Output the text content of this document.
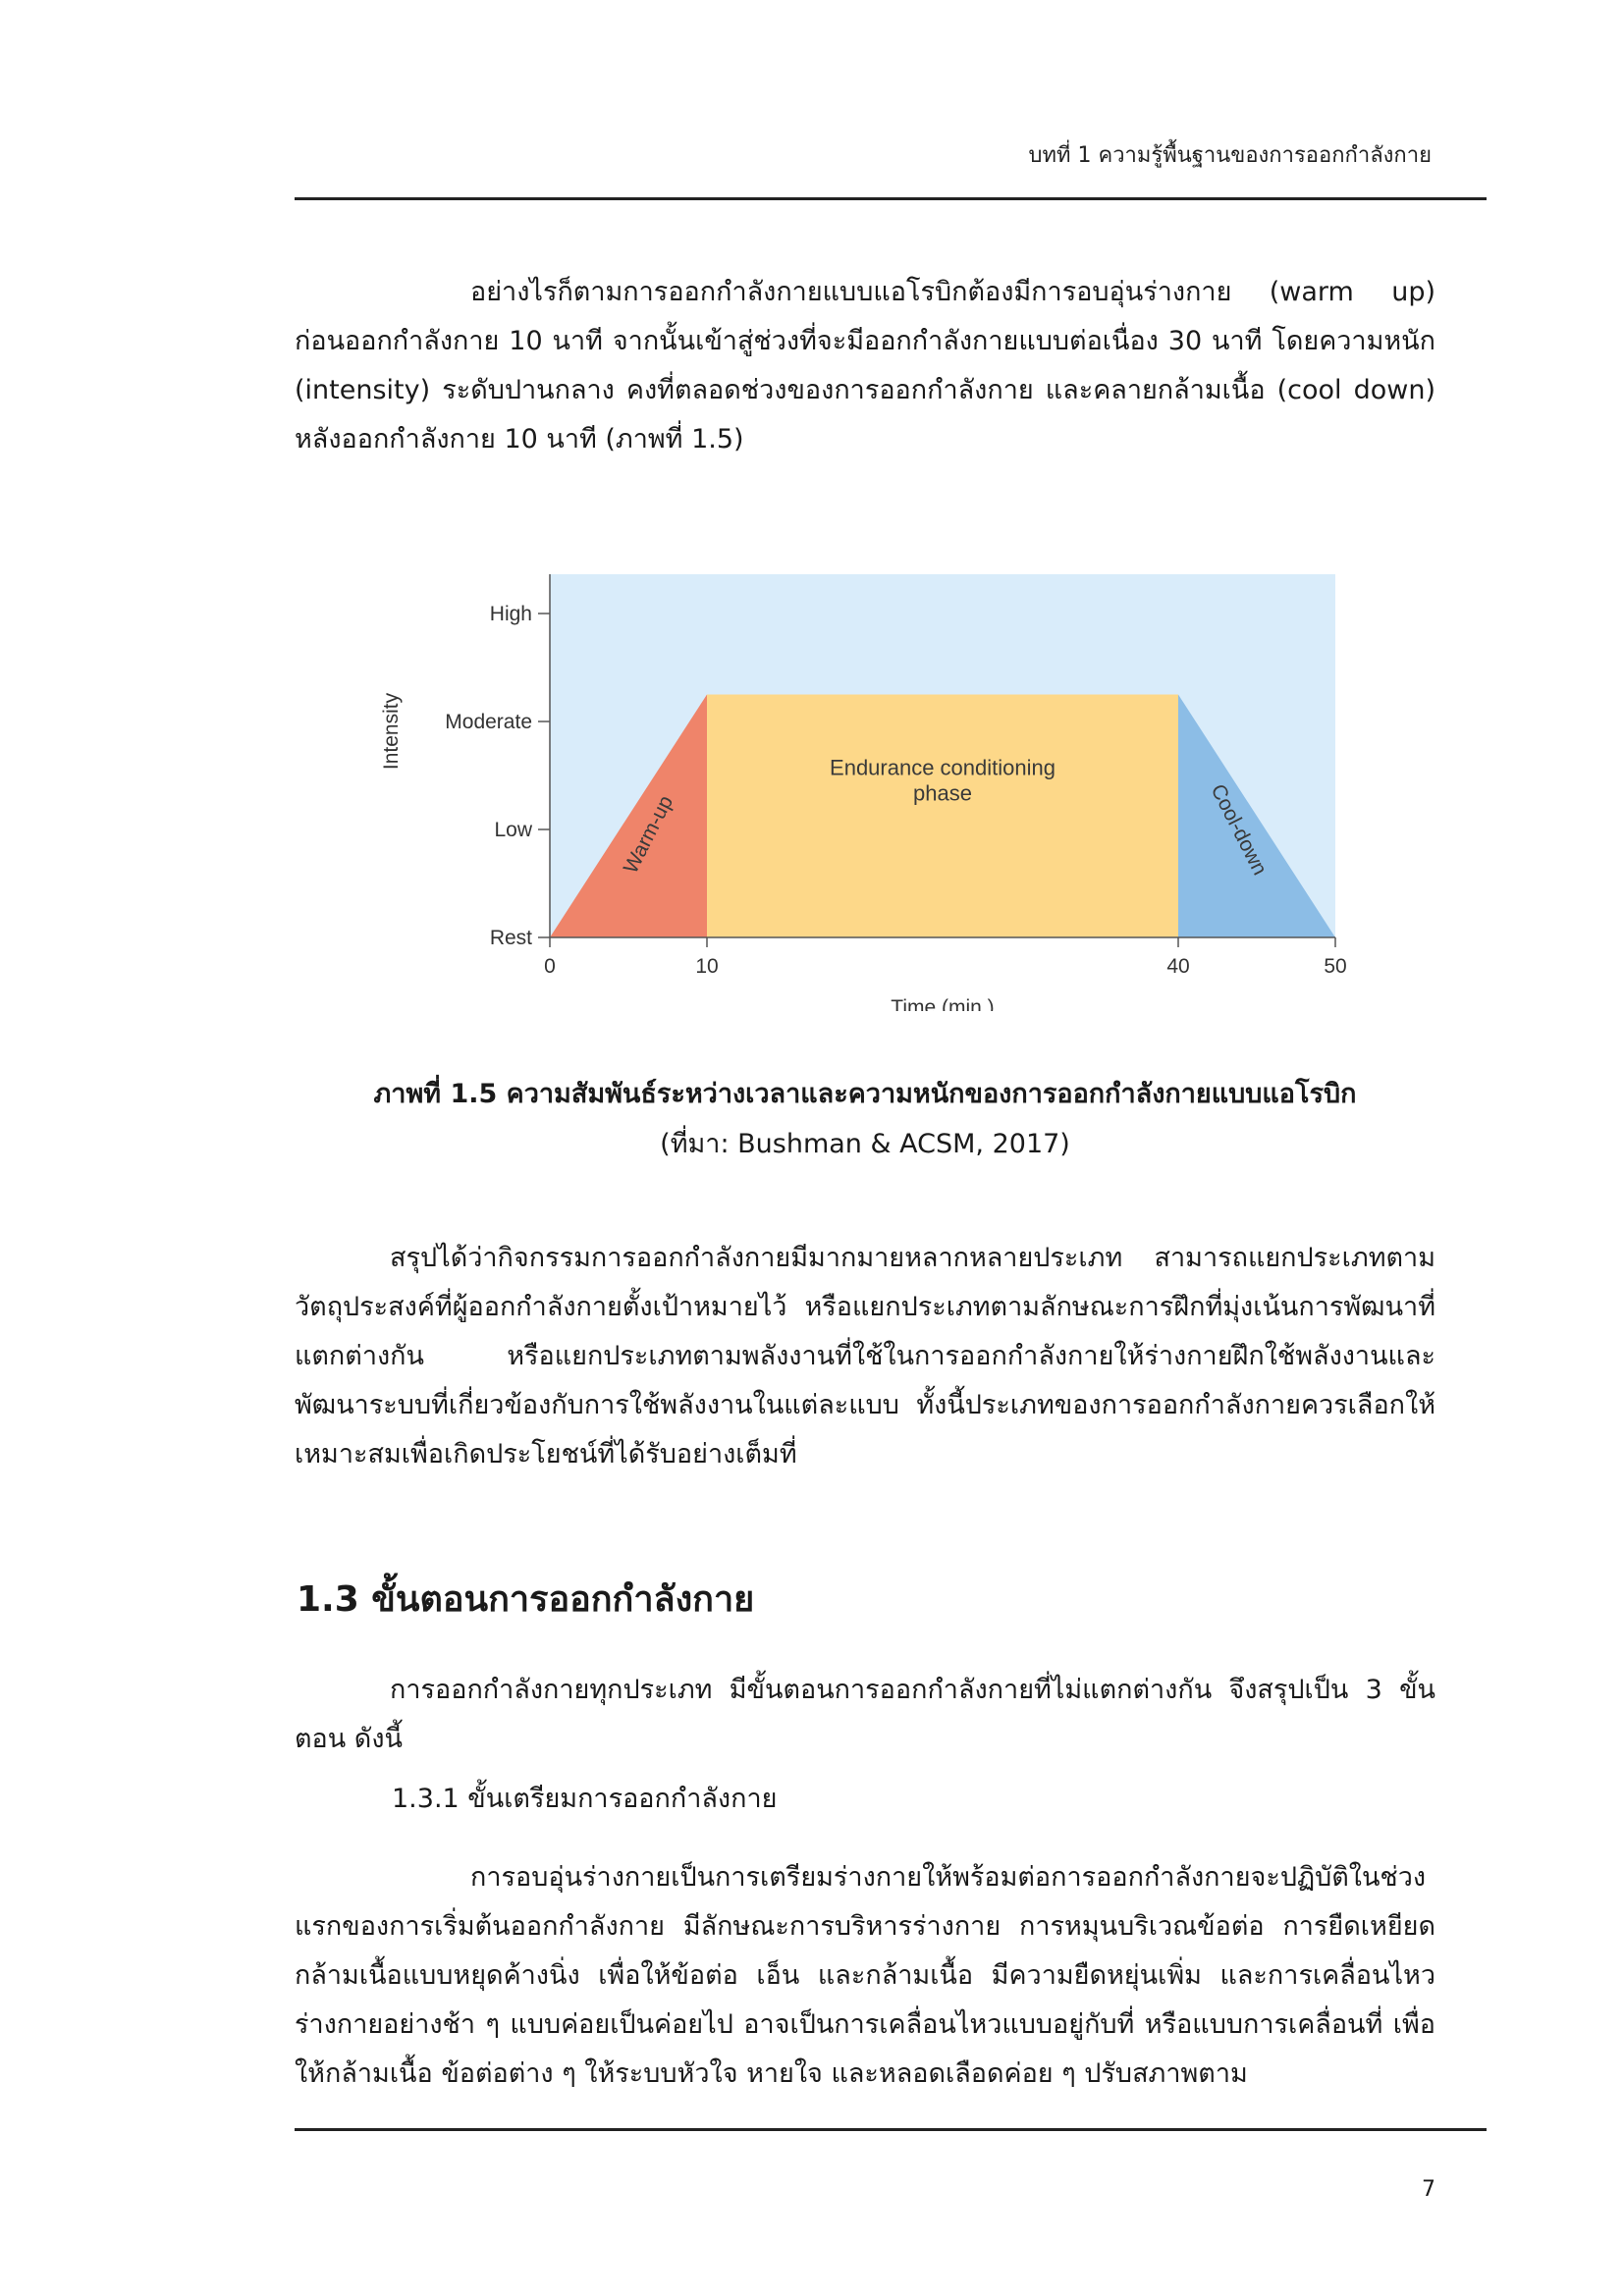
บทที่ 1 ความรู้พื้นฐานของการออกกำลังกาย

อย่างไรก็ตามการออกกำลังกายแบบแอโรบิกต้องมีการอบอุ่นร่างกาย (warm up) ก่อนออกกำลังกาย 10 นาที จากนั้นเข้าสู่ช่วงที่จะมีออกกำลังกายแบบต่อเนื่อง 30 นาที โดยความหนัก (intensity) ระดับปานกลาง คงที่ตลอดช่วงของการออกกำลังกาย และคลายกล้ามเนื้อ (cool down) หลังออกกำลังกาย 10 นาที (ภาพที่ 1.5)

0	10	40	50
Rest
Low
Moderate
High
Warm-up
Endurance conditioning
phase	Cool-down
Time (min.)
Intensity

ภาพที่ 1.5 ความสัมพันธ์ระหว่างเวลาและความหนักของการออกกำลังกายแบบแอโรบิก

(ที่มา: Bushman & ACSM, 2017)

สรุปได้ว่ากิจกรรมการออกกำลังกายมีมากมายหลากหลายประเภท สามารถแยกประเภทตามวัตถุประสงค์ที่ผู้ออกกำลังกายตั้งเป้าหมายไว้ หรือแยกประเภทตามลักษณะการฝึกที่มุ่งเน้นการพัฒนาที่แตกต่างกัน หรือแยกประเภทตามพลังงานที่ใช้ในการออกกำลังกายให้ร่างกายฝึกใช้พลังงานและพัฒนาระบบที่เกี่ยวข้องกับการใช้พลังงานในแต่ละแบบ ทั้งนี้ประเภทของการออกกำลังกายควรเลือกให้เหมาะสมเพื่อเกิดประโยชน์ที่ได้รับอย่างเต็มที่

1.3 ขั้นตอนการออกกำลังกาย

การออกกำลังกายทุกประเภท มีขั้นตอนการออกกำลังกายที่ไม่แตกต่างกัน จึงสรุปเป็น 3 ขั้นตอน ดังนี้

1.3.1 ขั้นเตรียมการออกกำลังกาย

การอบอุ่นร่างกายเป็นการเตรียมร่างกายให้พร้อมต่อการออกกำลังกายจะปฏิบัติในช่วงแรกของการเริ่มต้นออกกำลังกาย มีลักษณะการบริหารร่างกาย การหมุนบริเวณข้อต่อ การยืดเหยียดกล้ามเนื้อแบบหยุดค้างนิ่ง เพื่อให้ข้อต่อ เอ็น และกล้ามเนื้อ มีความยืดหยุ่นเพิ่ม และการเคลื่อนไหวร่างกายอย่างช้า ๆ แบบค่อยเป็นค่อยไป อาจเป็นการเคลื่อนไหวแบบอยู่กับที่ หรือแบบการเคลื่อนที่ เพื่อให้กล้ามเนื้อ ข้อต่อต่าง ๆ ให้ระบบหัวใจ หายใจ และหลอดเลือดค่อย ๆ ปรับสภาพตาม

7
